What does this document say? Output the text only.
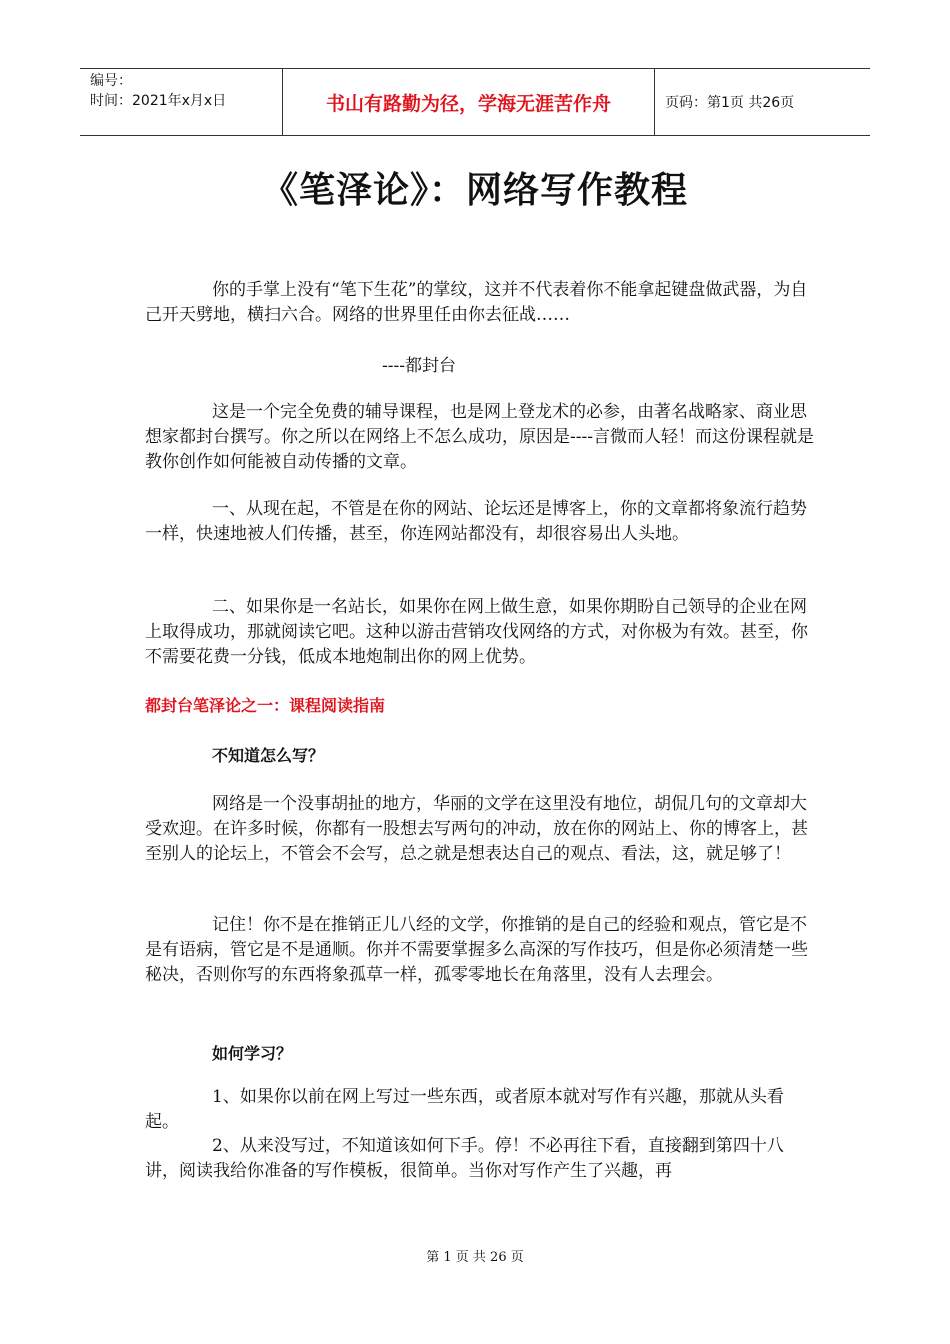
编号：
时间：2021年x月x日	书山有路勤为径，学海无涯苦作舟	页码：第1页 共26页
《笔泽论》：网络写作教程

你的手掌上没有“笔下生花”的掌纹，这并不代表着你不能拿起键盘做武器，为自己开天劈地，横扫六合。网络的世界里任由你去征战……

----都封台

这是一个完全免费的辅导课程，也是网上登龙术的必参，由著名战略家、商业思想家都封台撰写。你之所以在网络上不怎么成功，原因是----言微而人轻！而这份课程就是教你创作如何能被自动传播的文章。

一、从现在起，不管是在你的网站、论坛还是博客上，你的文章都将象流行趋势一样，快速地被人们传播，甚至，你连网站都没有，却很容易出人头地。

二、如果你是一名站长，如果你在网上做生意，如果你期盼自己领导的企业在网上取得成功，那就阅读它吧。这种以游击营销攻伐网络的方式，对你极为有效。甚至，你不需要花费一分钱，低成本地炮制出你的网上优势。

都封台笔泽论之一：课程阅读指南
不知道怎么写？

网络是一个没事胡扯的地方，华丽的文学在这里没有地位，胡侃几句的文章却大受欢迎。在许多时候，你都有一股想去写两句的冲动，放在你的网站上、你的博客上，甚至别人的论坛上，不管会不会写，总之就是想表达自己的观点、看法，这，就足够了！

记住！你不是在推销正儿八经的文学，你推销的是自己的经验和观点，管它是不是有语病，管它是不是通顺。你并不需要掌握多么高深的写作技巧，但是你必须清楚一些秘决，否则你写的东西将象孤草一样，孤零零地长在角落里，没有人去理会。

如何学习？

1、如果你以前在网上写过一些东西，或者原本就对写作有兴趣，那就从头看起。

2、从来没写过，不知道该如何下手。停！不必再往下看，直接翻到第四十八讲，阅读我给你准备的写作模板，很简单。当你对写作产生了兴趣，再

第 1 页 共 26 页
